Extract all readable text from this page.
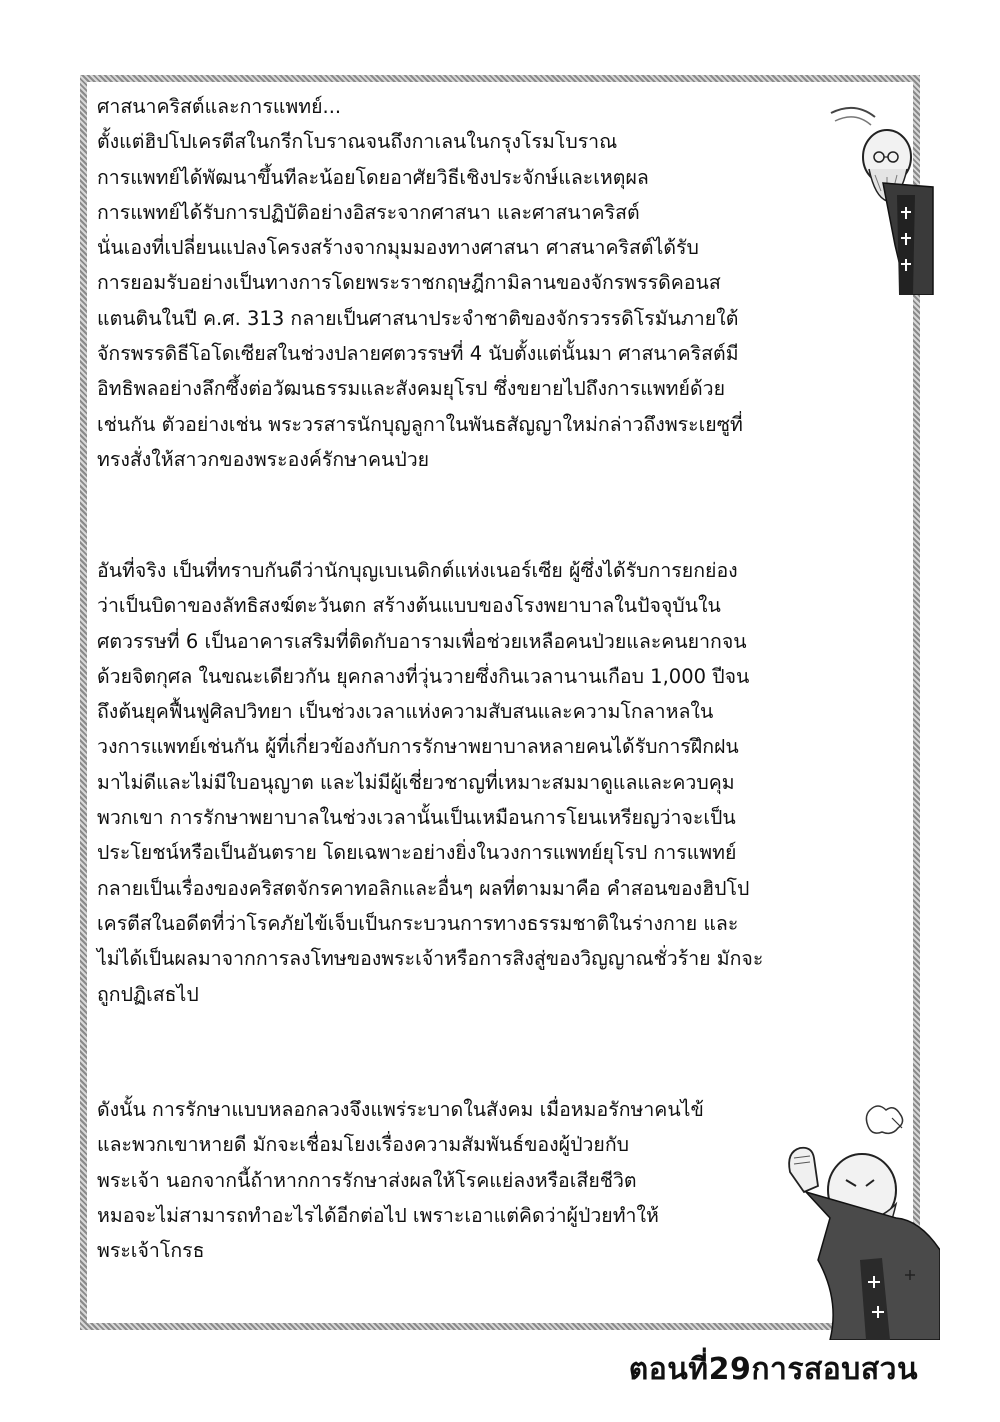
ศาสนาคริสต์และการแพทย์...
ตั้งแต่ฮิปโปเครตีสในกรีกโบราณจนถึงกาเลนในกรุงโรมโบราณ
การแพทย์ได้พัฒนาขึ้นทีละน้อยโดยอาศัยวิธีเชิงประจักษ์และเหตุผล
การแพทย์ได้รับการปฏิบัติอย่างอิสระจากศาสนา และศาสนาคริสต์
นั่นเองที่เปลี่ยนแปลงโครงสร้างจากมุมมองทางศาสนา ศาสนาคริสต์ได้รับ
การยอมรับอย่างเป็นทางการโดยพระราชกฤษฎีกามิลานของจักรพรรดิคอนส
แตนตินในปี ค.ศ. 313 กลายเป็นศาสนาประจำชาติของจักรวรรดิโรมันภายใต้
จักรพรรดิธีโอโดเซียสในช่วงปลายศตวรรษที่ 4 นับตั้งแต่นั้นมา ศาสนาคริสต์มี
อิทธิพลอย่างลึกซึ้งต่อวัฒนธรรมและสังคมยุโรป ซึ่งขยายไปถึงการแพทย์ด้วย
เช่นกัน ตัวอย่างเช่น พระวรสารนักบุญลูกาในพันธสัญญาใหม่กล่าวถึงพระเยซูที่
ทรงสั่งให้สาวกของพระองค์รักษาคนป่วย
อันที่จริง เป็นที่ทราบกันดีว่านักบุญเบเนดิกต์แห่งเนอร์เซีย ผู้ซึ่งได้รับการยกย่อง
ว่าเป็นบิดาของลัทธิสงฆ์ตะวันตก สร้างต้นแบบของโรงพยาบาลในปัจจุบันใน
ศตวรรษที่ 6 เป็นอาคารเสริมที่ติดกับอารามเพื่อช่วยเหลือคนป่วยและคนยากจน
ด้วยจิตกุศล ในขณะเดียวกัน ยุคกลางที่วุ่นวายซึ่งกินเวลานานเกือบ 1,000 ปีจน
ถึงต้นยุคฟื้นฟูศิลปวิทยา เป็นช่วงเวลาแห่งความสับสนและความโกลาหลใน
วงการแพทย์เช่นกัน ผู้ที่เกี่ยวข้องกับการรักษาพยาบาลหลายคนได้รับการฝึกฝน
มาไม่ดีและไม่มีใบอนุญาต และไม่มีผู้เชี่ยวชาญที่เหมาะสมมาดูแลและควบคุม
พวกเขา การรักษาพยาบาลในช่วงเวลานั้นเป็นเหมือนการโยนเหรียญว่าจะเป็น
ประโยชน์หรือเป็นอันตราย โดยเฉพาะอย่างยิ่งในวงการแพทย์ยุโรป การแพทย์
กลายเป็นเรื่องของคริสตจักรคาทอลิกและอื่นๆ ผลที่ตามมาคือ คำสอนของฮิปโป
เครตีสในอดีตที่ว่าโรคภัยไข้เจ็บเป็นกระบวนการทางธรรมชาติในร่างกาย และ
ไม่ได้เป็นผลมาจากการลงโทษของพระเจ้าหรือการสิงสู่ของวิญญาณชั่วร้าย มักจะ
ถูกปฏิเสธไป
ดังนั้น การรักษาแบบหลอกลวงจึงแพร่ระบาดในสังคม เมื่อหมอรักษาคนไข้
และพวกเขาหายดี มักจะเชื่อมโยงเรื่องความสัมพันธ์ของผู้ป่วยกับ
พระเจ้า นอกจากนี้ถ้าหากการรักษาส่งผลให้โรคแย่ลงหรือเสียชีวิต
หมอจะไม่สามารถทำอะไรได้อีกต่อไป เพราะเอาแต่คิดว่าผู้ป่วยทำให้
พระเจ้าโกรธ
ตอนที่29การสอบสวน
